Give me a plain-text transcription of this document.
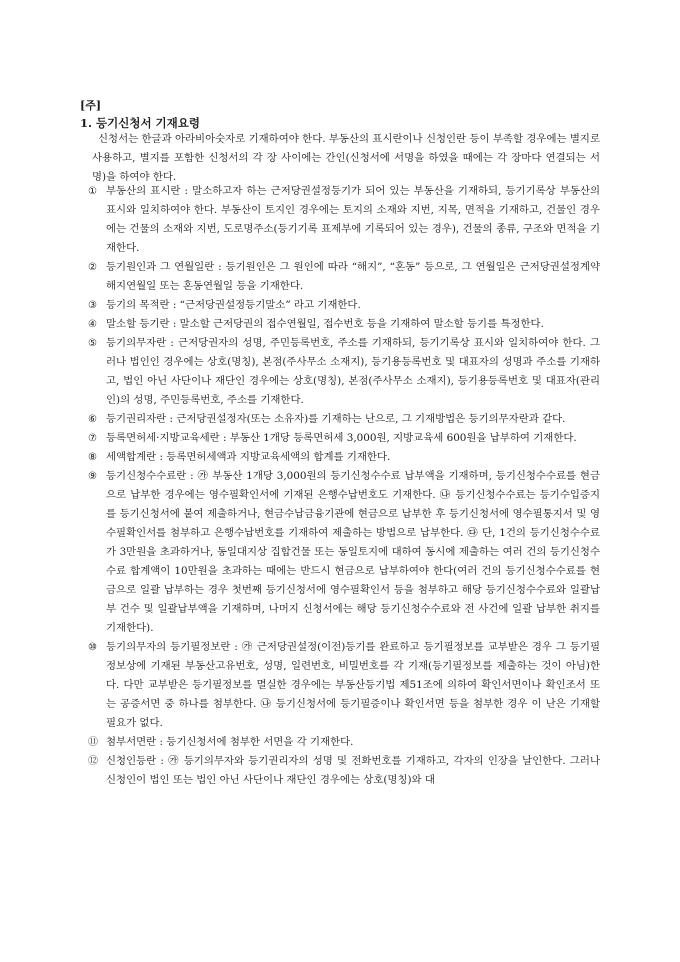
[주]
1. 등기신청서 기재요령
신청서는 한글과 아라비아숫자로 기재하여야 한다. 부동산의 표시란이나 신청인란 등이 부족할 경우에는 별지로 사용하고, 별지를 포함한 신청서의 각 장 사이에는 간인(신청서에 서명을 하였을 때에는 각 장마다 연결되는 서명)을 하여야 한다.
① 부동산의 표시란 : 말소하고자 하는 근저당권설정등기가 되어 있는 부동산을 기재하되, 등기기록상 부동산의 표시와 일치하여야 한다. 부동산이 토지인 경우에는 토지의 소재와 지번, 지목, 면적을 기재하고, 건물인 경우에는 건물의 소재와 지번, 도로명주소(등기기록 표제부에 기록되어 있는 경우), 건물의 종류, 구조와 면적을 기재한다.
② 등기원인과 그 연월일란 : 등기원인은 그 원인에 따라 “해지”, “혼동” 등으로, 그 연월일은 근저당권설정계약 해지연월일 또는 혼동연월일 등을 기재한다.
③ 등기의 목적란 : “근저당권설정등기말소” 라고 기재한다.
④ 말소할 등기란 : 말소할 근저당권의 접수연월일, 접수번호 등을 기재하여 말소할 등기를 특정한다.
⑤ 등기의무자란 : 근저당권자의 성명, 주민등록번호, 주소를 기재하되, 등기기록상 표시와 일치하여야 한다. 그러나 법인인 경우에는 상호(명칭), 본점(주사무소 소재지), 등기용등록번호 및 대표자의 성명과 주소를 기재하고, 법인 아닌 사단이나 재단인 경우에는 상호(명칭), 본점(주사무소 소재지), 등기용등록번호 및 대표자(관리인)의 성명, 주민등록번호, 주소를 기재한다.
⑥ 등기권리자란 : 근저당권설정자(또는 소유자)를 기재하는 난으로, 그 기재방법은 등기의무자란과 같다.
⑦ 등록면허세·지방교육세란 : 부동산 1개당 등록면허세 3,000원, 지방교육세 600원을 납부하여 기재한다.
⑧ 세액합계란 : 등록면허세액과 지방교육세액의 합계를 기재한다.
⑨ 등기신청수수료란 : ㉮ 부동산 1개당 3,000원의 등기신청수수료 납부액을 기재하며, 등기신청수수료를 현금으로 납부한 경우에는 영수필확인서에 기재된 은행수납번호도 기재한다. ㉯ 등기신청수수료는 등기수입증지를 등기신청서에 붙여 제출하거나, 현금수납금융기관에 현금으로 납부한 후 등기신청서에 영수필통지서 및 영수필확인서를 첨부하고 은행수납번호를 기재하여 제출하는 방법으로 납부한다. ㉰ 단, 1건의 등기신청수수료가 3만원을 초과하거나, 동일대지상 집합건물 또는 동일토지에 대하여 동시에 제출하는 여러 건의 등기신청수수료 합계액이 10만원을 초과하는 때에는 반드시 현금으로 납부하여야 한다(여러 건의 등기신청수수료를 현금으로 일괄 납부하는 경우 첫번째 등기신청서에 영수필확인서 등을 첨부하고 해당 등기신청수수료와 일괄납부 건수 및 일괄납부액을 기재하며, 나머지 신청서에는 해당 등기신청수수료와 전 사건에 일괄 납부한 취지를 기재한다).
⑩ 등기의무자의 등기필정보란 : ㉮ 근저당권설정(이전)등기를 완료하고 등기필정보를 교부받은 경우 그 등기필정보상에 기재된 부동산고유번호, 성명, 일련번호, 비밀번호를 각 기재(등기필정보를 제출하는 것이 아님)한다. 다만 교부받은 등기필정보를 멸실한 경우에는 부동산등기법 제51조에 의하여 확인서면이나 확인조서 또는 공증서면 중 하나를 첨부한다. ㉯ 등기신청서에 등기필증이나 확인서면 등을 첨부한 경우 이 난은 기재할 필요가 없다.
⑪ 첨부서면란 : 등기신청서에 첨부한 서면을 각 기재한다.
⑫ 신청인등란 : ㉮ 등기의무자와 등기권리자의 성명 및 전화번호를 기재하고, 각자의 인장을 날인한다. 그러나 신청인이 법인 또는 법인 아닌 사단이나 재단인 경우에는 상호(명칭)와 대
